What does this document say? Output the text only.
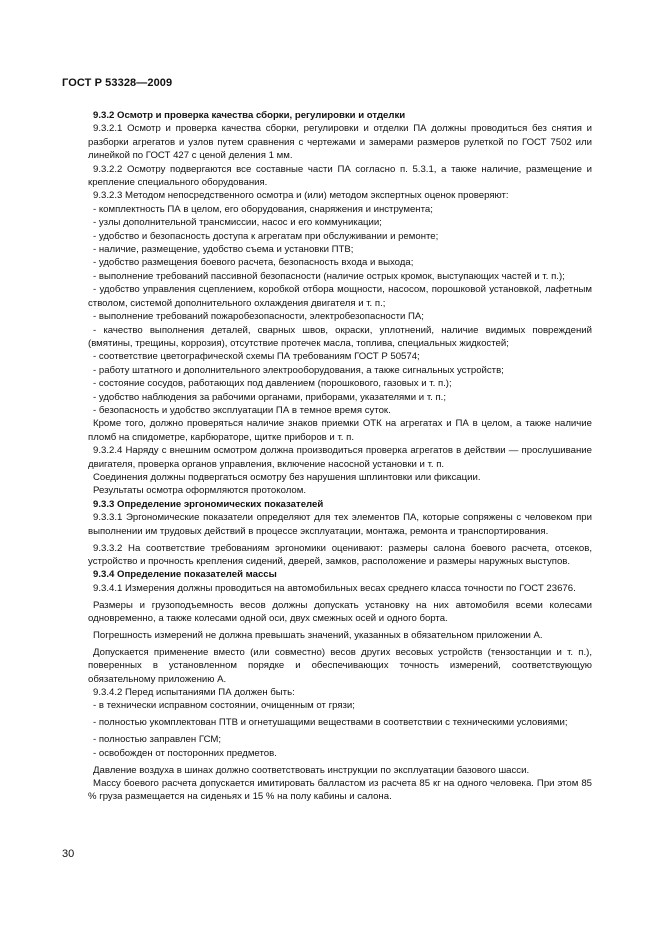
ГОСТ Р 53328—2009

9.3.2 Осмотр и проверка качества сборки, регулировки и отделки

9.3.2.1 Осмотр и проверка качества сборки, регулировки и отделки ПА должны проводиться без снятия и разборки агрегатов и узлов путем сравнения с чертежами и замерами размеров рулеткой по ГОСТ 7502 или линейкой по ГОСТ 427 с ценой деления 1 мм.

9.3.2.2 Осмотру подвергаются все составные части ПА согласно п. 5.3.1, а также наличие, размещение и крепление специального оборудования.

9.3.2.3 Методом непосредственного осмотра и (или) методом экспертных оценок проверяют:

- комплектность ПА в целом, его оборудования, снаряжения и инструмента;

- узлы дополнительной трансмиссии, насос и его коммуникации;

- удобство и безопасность доступа к агрегатам при обслуживании и ремонте;

- наличие, размещение, удобство съема и установки ПТВ;

- удобство размещения боевого расчета, безопасность входа и выхода;

- выполнение требований пассивной безопасности (наличие острых кромок, выступающих частей и т. п.);

- удобство управления сцеплением, коробкой отбора мощности, насосом, порошковой установкой, лафетным стволом, системой дополнительного охлаждения двигателя и т. п.;

- выполнение требований пожаробезопасности, электробезопасности ПА;

- качество выполнения деталей, сварных швов, окраски, уплотнений, наличие видимых повреждений (вмятины, трещины, коррозия), отсутствие протечек масла, топлива, специальных жидкостей;

- соответствие цветографической схемы ПА требованиям ГОСТ Р 50574;

- работу штатного и дополнительного электрооборудования, а также сигнальных устройств;

- состояние сосудов, работающих под давлением (порошкового, газовых и т. п.);

- удобство наблюдения за рабочими органами, приборами, указателями и т. п.;

- безопасность и удобство эксплуатации ПА в темное время суток.

Кроме того, должно проверяться наличие знаков приемки ОТК на агрегатах и ПА в целом, а также наличие пломб на спидометре, карбюраторе, щитке приборов и т. п.

9.3.2.4 Наряду с внешним осмотром должна производиться проверка агрегатов в действии — прослушивание двигателя, проверка органов управления, включение насосной установки и т. п.

Соединения должны подвергаться осмотру без нарушения шплинтовки или фиксации.

Результаты осмотра оформляются протоколом.

9.3.3 Определение эргономических показателей

9.3.3.1 Эргономические показатели определяют для тех элементов ПА, которые сопряжены с человеком при выполнении им трудовых действий в процессе эксплуатации, монтажа, ремонта и транспортирования.

9.3.3.2 На соответствие требованиям эргономики оценивают: размеры салона боевого расчета, отсеков, устройство и прочность крепления сидений, дверей, замков, расположение и размеры наружных выступов.

9.3.4 Определение показателей массы

9.3.4.1 Измерения должны проводиться на автомобильных весах среднего класса точности по ГОСТ 23676.

Размеры и грузоподъемность весов должны допускать установку на них автомобиля всеми колесами одновременно, а также колесами одной оси, двух смежных осей и одного борта.

Погрешность измерений не должна превышать значений, указанных в обязательном приложении А.

Допускается применение вместо (или совместно) весов других весовых устройств (тензостанции и т. п.), поверенных в установленном порядке и обеспечивающих точность измерений, соответствующую обязательному приложению А.

9.3.4.2 Перед испытаниями ПА должен быть:

- в технически исправном состоянии, очищенным от грязи;

- полностью укомплектован ПТВ и огнетушащими веществами в соответствии с техническими условиями;

- полностью заправлен ГСМ;

- освобожден от посторонних предметов.

Давление воздуха в шинах должно соответствовать инструкции по эксплуатации базового шасси.

Массу боевого расчета допускается имитировать балластом из расчета 85 кг на одного человека. При этом 85 % груза размещается на сиденьях и 15 % на полу кабины и салона.

30
